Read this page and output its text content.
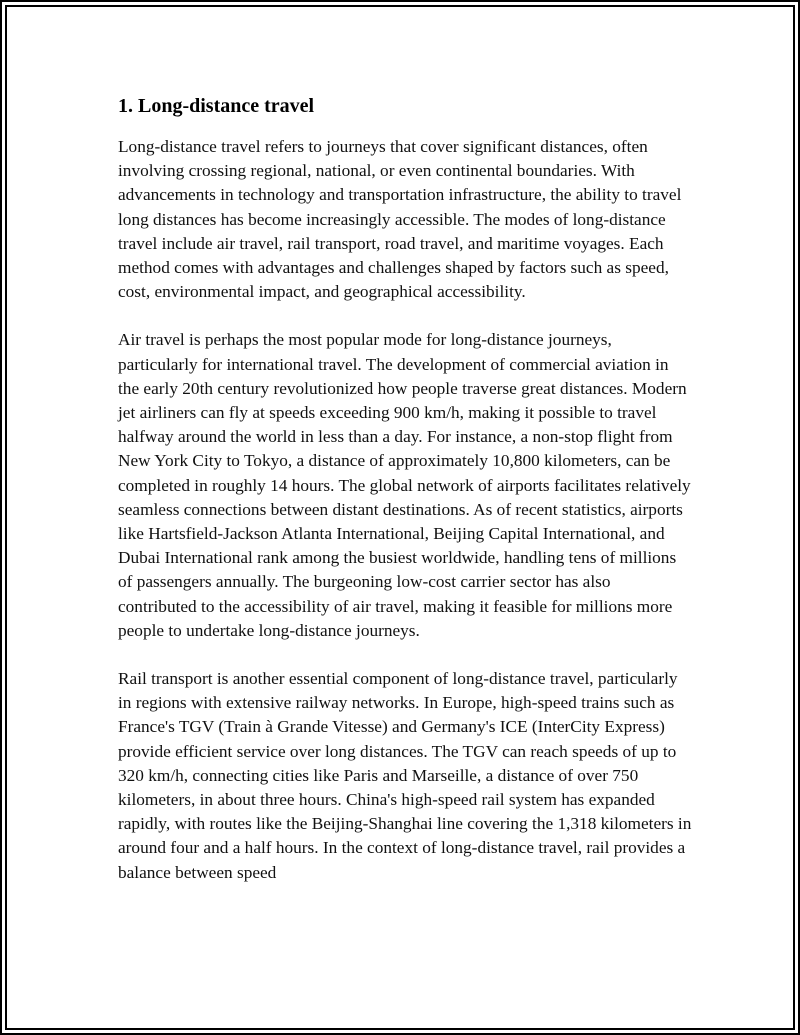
1. Long-distance travel

Long-distance travel refers to journeys that cover significant distances, often involving crossing regional, national, or even continental boundaries. With advancements in technology and transportation infrastructure, the ability to travel long distances has become increasingly accessible. The modes of long-distance travel include air travel, rail transport, road travel, and maritime voyages. Each method comes with advantages and challenges shaped by factors such as speed, cost, environmental impact, and geographical accessibility.

Air travel is perhaps the most popular mode for long-distance journeys, particularly for international travel. The development of commercial aviation in the early 20th century revolutionized how people traverse great distances. Modern jet airliners can fly at speeds exceeding 900 km/h, making it possible to travel halfway around the world in less than a day. For instance, a non-stop flight from New York City to Tokyo, a distance of approximately 10,800 kilometers, can be completed in roughly 14 hours. The global network of airports facilitates relatively seamless connections between distant destinations. As of recent statistics, airports like Hartsfield-Jackson Atlanta International, Beijing Capital International, and Dubai International rank among the busiest worldwide, handling tens of millions of passengers annually. The burgeoning low-cost carrier sector has also contributed to the accessibility of air travel, making it feasible for millions more people to undertake long-distance journeys.

Rail transport is another essential component of long-distance travel, particularly in regions with extensive railway networks. In Europe, high-speed trains such as France's TGV (Train à Grande Vitesse) and Germany's ICE (InterCity Express) provide efficient service over long distances. The TGV can reach speeds of up to 320 km/h, connecting cities like Paris and Marseille, a distance of over 750 kilometers, in about three hours. China's high-speed rail system has expanded rapidly, with routes like the Beijing-Shanghai line covering the 1,318 kilometers in around four and a half hours. In the context of long-distance travel, rail provides a balance between speed
